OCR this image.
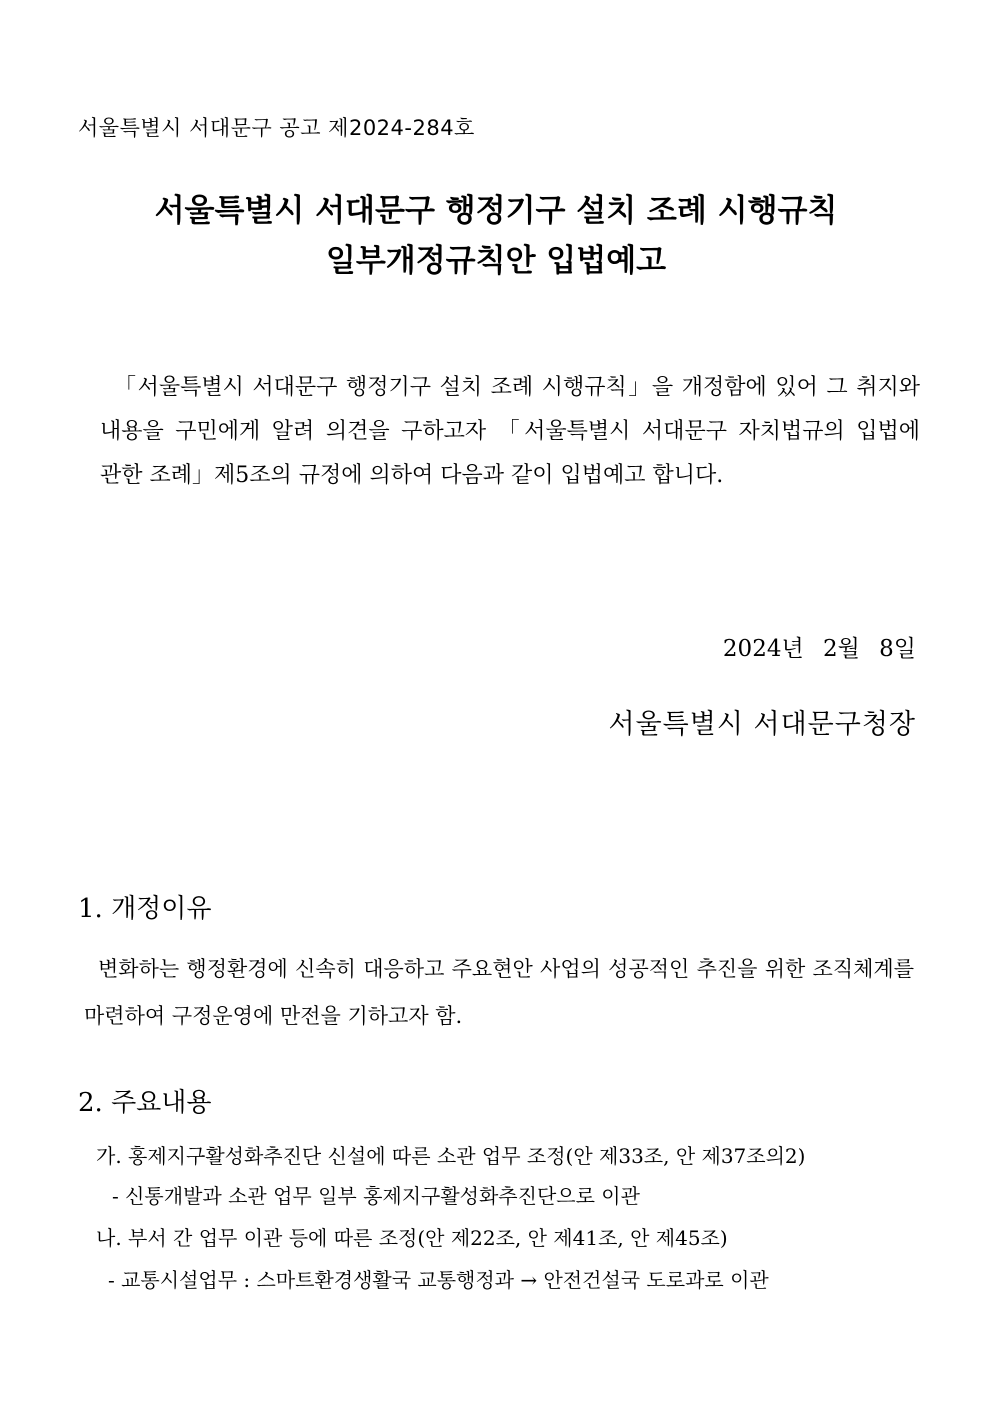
서울특별시 서대문구 공고 제2024-284호
서울특별시 서대문구 행정기구 설치 조례 시행규칙
일부개정규칙안 입법예고

「서울특별시 서대문구 행정기구 설치 조례 시행규칙」을 개정함에 있어 그 취지와 내용을 구민에게 알려 의견을 구하고자 「서울특별시 서대문구 자치법규의 입법에 관한 조례」제5조의 규정에 의하여 다음과 같이 입법예고 합니다.

2024년 2월 8일
서울특별시 서대문구청장
1. 개정이유

변화하는 행정환경에 신속히 대응하고 주요현안 사업의 성공적인 추진을 위한 조직체계를 마련하여 구정운영에 만전을 기하고자 함.

2. 주요내용
가. 홍제지구활성화추진단 신설에 따른 소관 업무 조정(안 제33조, 안 제37조의2)
- 신통개발과 소관 업무 일부 홍제지구활성화추진단으로 이관
나. 부서 간 업무 이관 등에 따른 조정(안 제22조, 안 제41조, 안 제45조)
- 교통시설업무 : 스마트환경생활국 교통행정과 → 안전건설국 도로과로 이관
